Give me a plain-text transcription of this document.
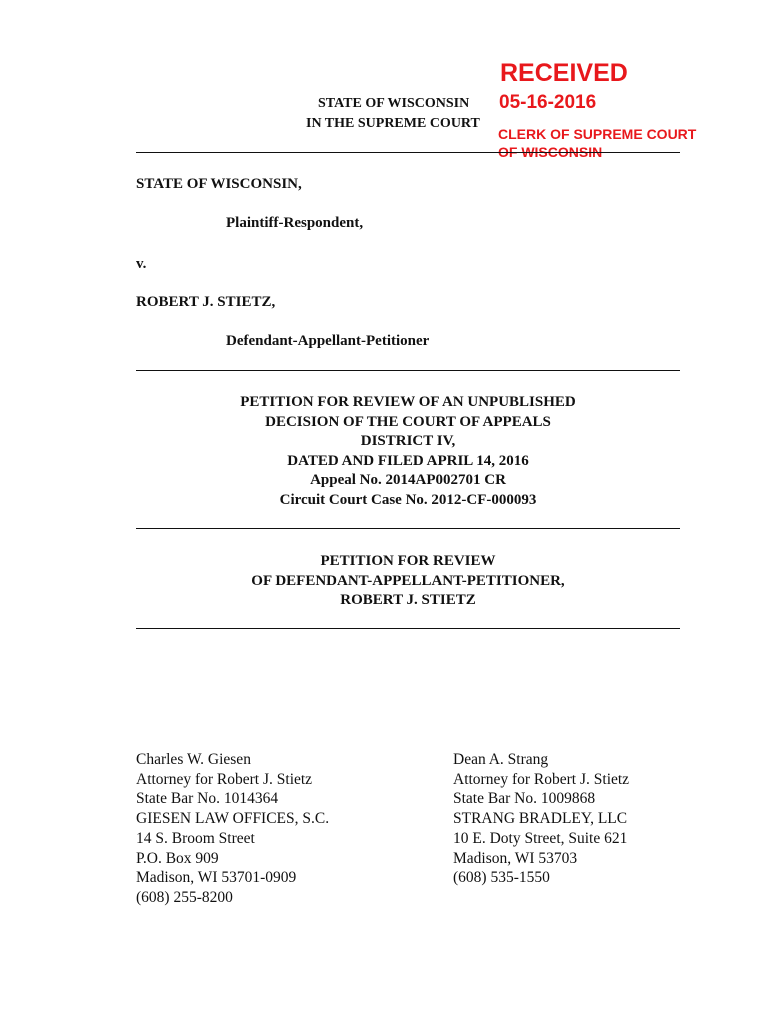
STATE OF WISCONSIN
IN THE SUPREME COURT
RECEIVED
05-16-2016
CLERK OF SUPREME COURT
OF WISCONSIN
STATE OF WISCONSIN,
Plaintiff-Respondent,
v.
ROBERT J. STIETZ,
Defendant-Appellant-Petitioner
PETITION FOR REVIEW OF AN UNPUBLISHED
DECISION OF THE COURT OF APPEALS
DISTRICT IV,
DATED AND FILED APRIL 14, 2016
Appeal No. 2014AP002701 CR
Circuit Court Case No. 2012-CF-000093
PETITION FOR REVIEW
OF DEFENDANT-APPELLANT-PETITIONER,
ROBERT J. STIETZ
Charles W. Giesen
Attorney for Robert J. Stietz
State Bar No. 1014364
GIESEN LAW OFFICES, S.C.
14 S. Broom Street
P.O. Box 909
Madison, WI 53701-0909
(608) 255-8200
Dean A. Strang
Attorney for Robert J. Stietz
State Bar No. 1009868
STRANG BRADLEY, LLC
10 E. Doty Street, Suite 621
Madison, WI 53703
(608) 535-1550
